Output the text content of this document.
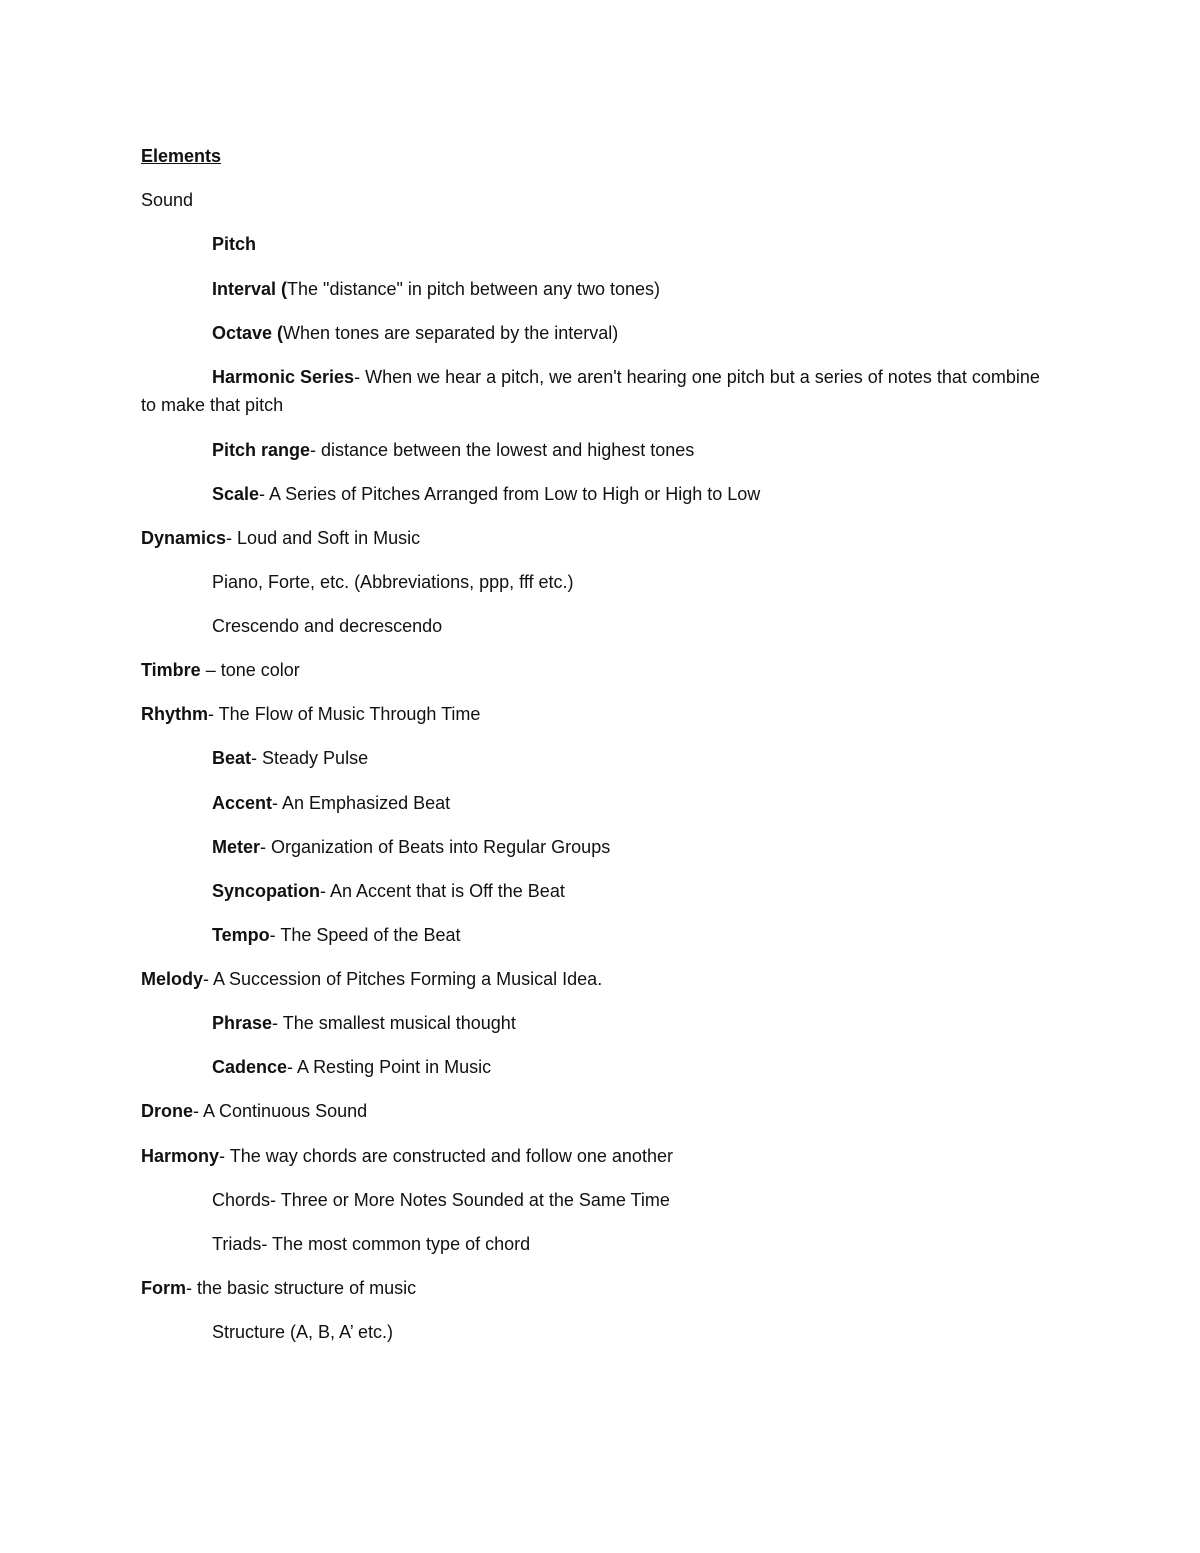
Elements
Sound
Pitch
Interval (The "distance" in pitch between any two tones)
Octave (When tones are separated by the interval)
Harmonic Series- When we hear a pitch, we aren't hearing one pitch but a series of notes that combine to make that pitch
Pitch range- distance between the lowest and highest tones
Scale- A Series of Pitches Arranged from Low to High or High to Low
Dynamics- Loud and Soft in Music
Piano, Forte, etc. (Abbreviations, ppp, fff etc.)
Crescendo and decrescendo
Timbre – tone color
Rhythm- The Flow of Music Through Time
Beat- Steady Pulse
Accent- An Emphasized Beat
Meter- Organization of Beats into Regular Groups
Syncopation- An Accent that is Off the Beat
Tempo- The Speed of the Beat
Melody- A Succession of Pitches Forming a Musical Idea.
Phrase- The smallest musical thought
Cadence- A Resting Point in Music
Drone- A Continuous Sound
Harmony- The way chords are constructed and follow one another
Chords- Three or More Notes Sounded at the Same Time
Triads- The most common type of chord
Form- the basic structure of music
Structure (A, B, A’ etc.)
